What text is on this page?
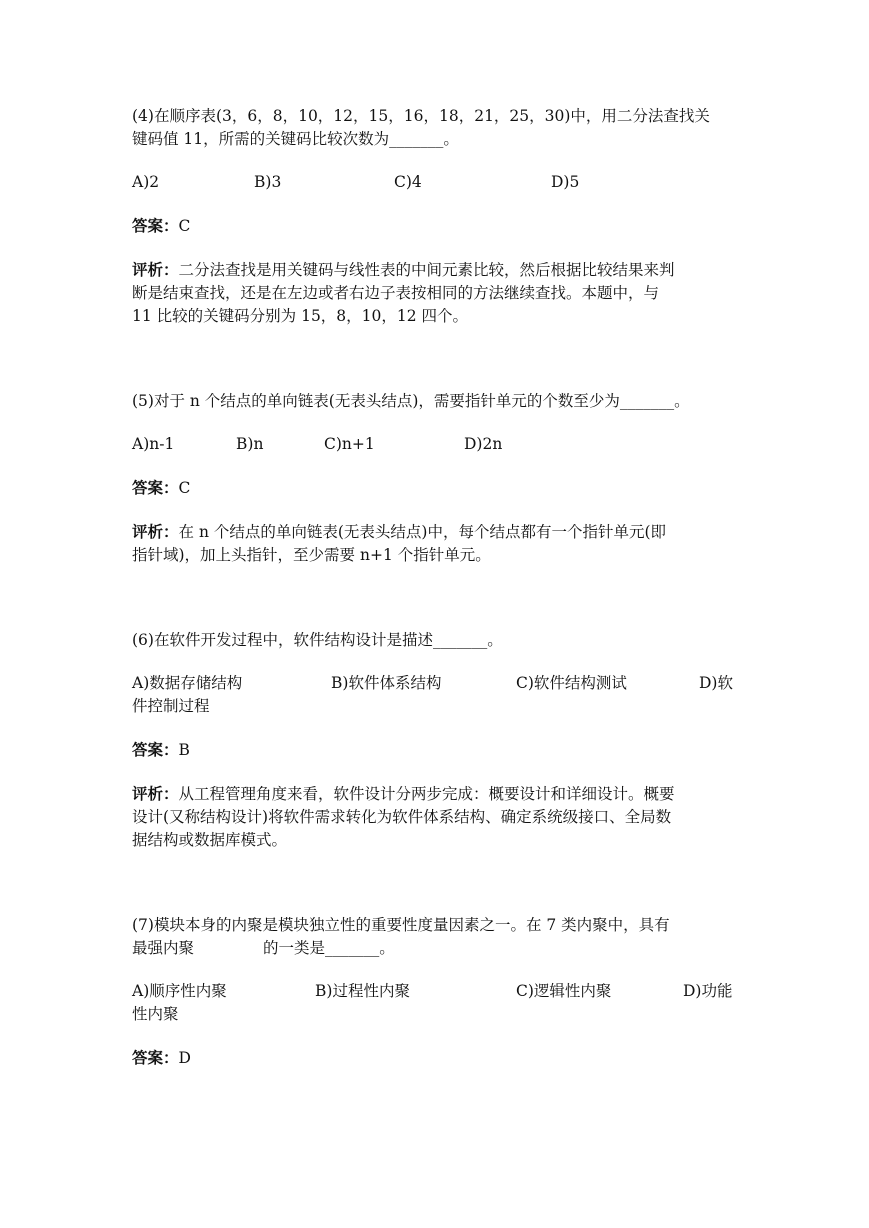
(4)在顺序表(3，6，8，10，12，15，16，18，21，25，30)中，用二分法查找关
键码值 11，所需的关键码比较次数为_______。
A)2	B)3	C)4	D)5
答案：C
评析：二分法查找是用关键码与线性表的中间元素比较，然后根据比较结果来判
断是结束查找，还是在左边或者右边子表按相同的方法继续查找。本题中，与
11 比较的关键码分别为 15，8，10，12 四个。
(5)对于 n 个结点的单向链表(无表头结点)，需要指针单元的个数至少为_______。
A)n-1	B)n	C)n+1	D)2n
答案：C
评析：在 n 个结点的单向链表(无表头结点)中，每个结点都有一个指针单元(即
指针域)，加上头指针，至少需要 n+1 个指针单元。
(6)在软件开发过程中，软件结构设计是描述_______。
A)数据存储结构	B)软件体系结构	C)软件结构测试	D)软
件控制过程
答案：B
评析：从工程管理角度来看，软件设计分两步完成：概要设计和详细设计。概要
设计(又称结构设计)将软件需求转化为软件体系结构、确定系统级接口、全局数
据结构或数据库模式。
(7)模块本身的内聚是模块独立性的重要性度量因素之一。在 7 类内聚中，具有
最强内聚	的一类是_______。
A)顺序性内聚	B)过程性内聚	C)逻辑性内聚	D)功能
性内聚
答案：D
